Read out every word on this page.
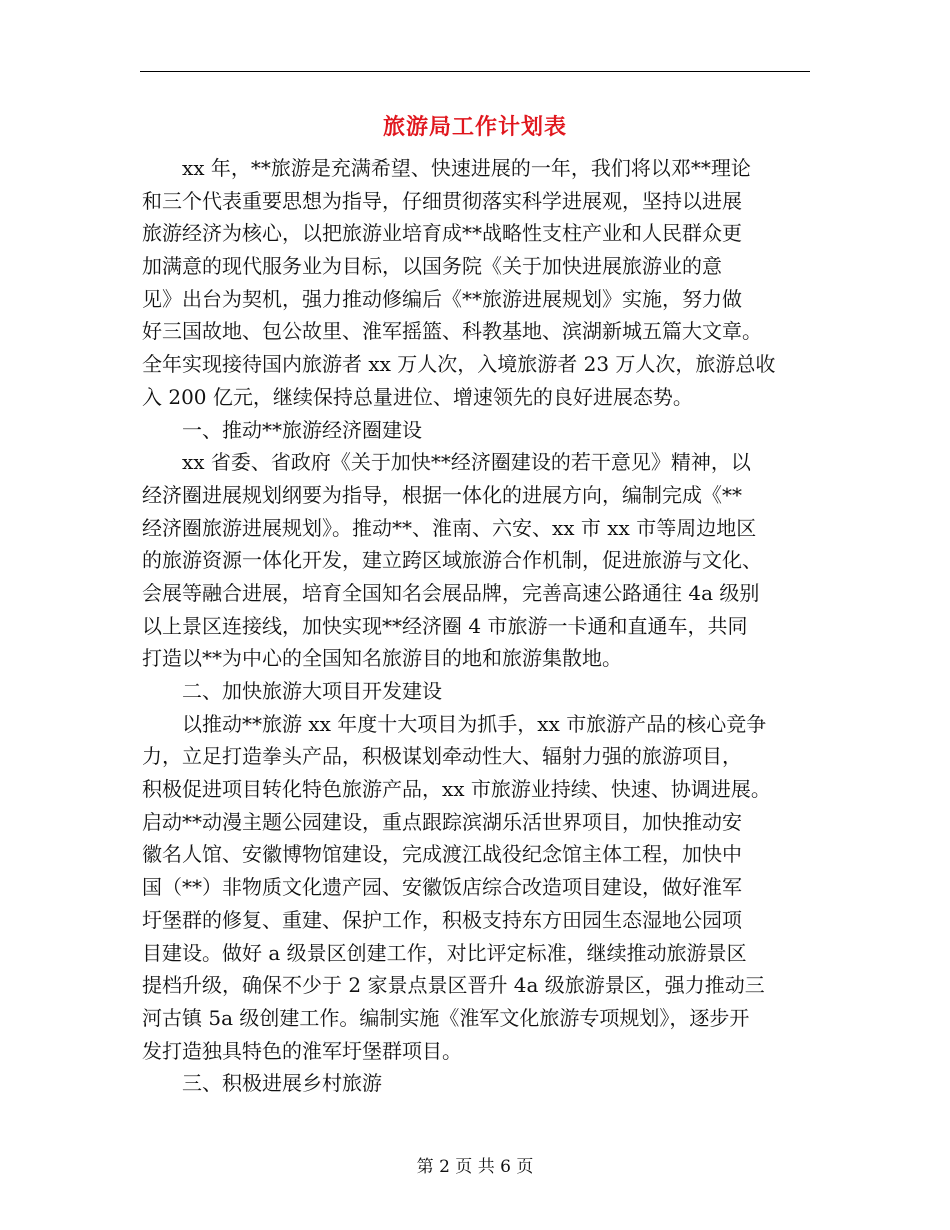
旅游局工作计划表
　　xx 年，**旅游是充满希望、快速进展的一年，我们将以邓**理论
和三个代表重要思想为指导，仔细贯彻落实科学进展观，坚持以进展
旅游经济为核心，以把旅游业培育成**战略性支柱产业和人民群众更
加满意的现代服务业为目标，以国务院《关于加快进展旅游业的意
见》出台为契机，强力推动修编后《**旅游进展规划》实施，努力做
好三国故地、包公故里、淮军摇篮、科教基地、滨湖新城五篇大文章。
全年实现接待国内旅游者 xx 万人次，入境旅游者 23 万人次，旅游总收
入 200 亿元，继续保持总量进位、增速领先的良好进展态势。
　　一、推动**旅游经济圈建设
　　xx 省委、省政府《关于加快**经济圈建设的若干意见》精神，以
经济圈进展规划纲要为指导，根据一体化的进展方向，编制完成《**
经济圈旅游进展规划》。推动**、淮南、六安、xx 市 xx 市等周边地区
的旅游资源一体化开发，建立跨区域旅游合作机制，促进旅游与文化、
会展等融合进展，培育全国知名会展品牌，完善高速公路通往 4a 级别
以上景区连接线，加快实现**经济圈 4 市旅游一卡通和直通车，共同
打造以**为中心的全国知名旅游目的地和旅游集散地。
　　二、加快旅游大项目开发建设
　　以推动**旅游 xx 年度十大项目为抓手，xx 市旅游产品的核心竞争
力，立足打造拳头产品，积极谋划牵动性大、辐射力强的旅游项目，
积极促进项目转化特色旅游产品，xx 市旅游业持续、快速、协调进展。
启动**动漫主题公园建设，重点跟踪滨湖乐活世界项目，加快推动安
徽名人馆、安徽博物馆建设，完成渡江战役纪念馆主体工程，加快中
国（**）非物质文化遗产园、安徽饭店综合改造项目建设，做好淮军
圩堡群的修复、重建、保护工作，积极支持东方田园生态湿地公园项
目建设。做好 a 级景区创建工作，对比评定标准，继续推动旅游景区
提档升级，确保不少于 2 家景点景区晋升 4a 级旅游景区，强力推动三
河古镇 5a 级创建工作。编制实施《淮军文化旅游专项规划》，逐步开
发打造独具特色的淮军圩堡群项目。
　　三、积极进展乡村旅游
第 2 页 共 6 页
